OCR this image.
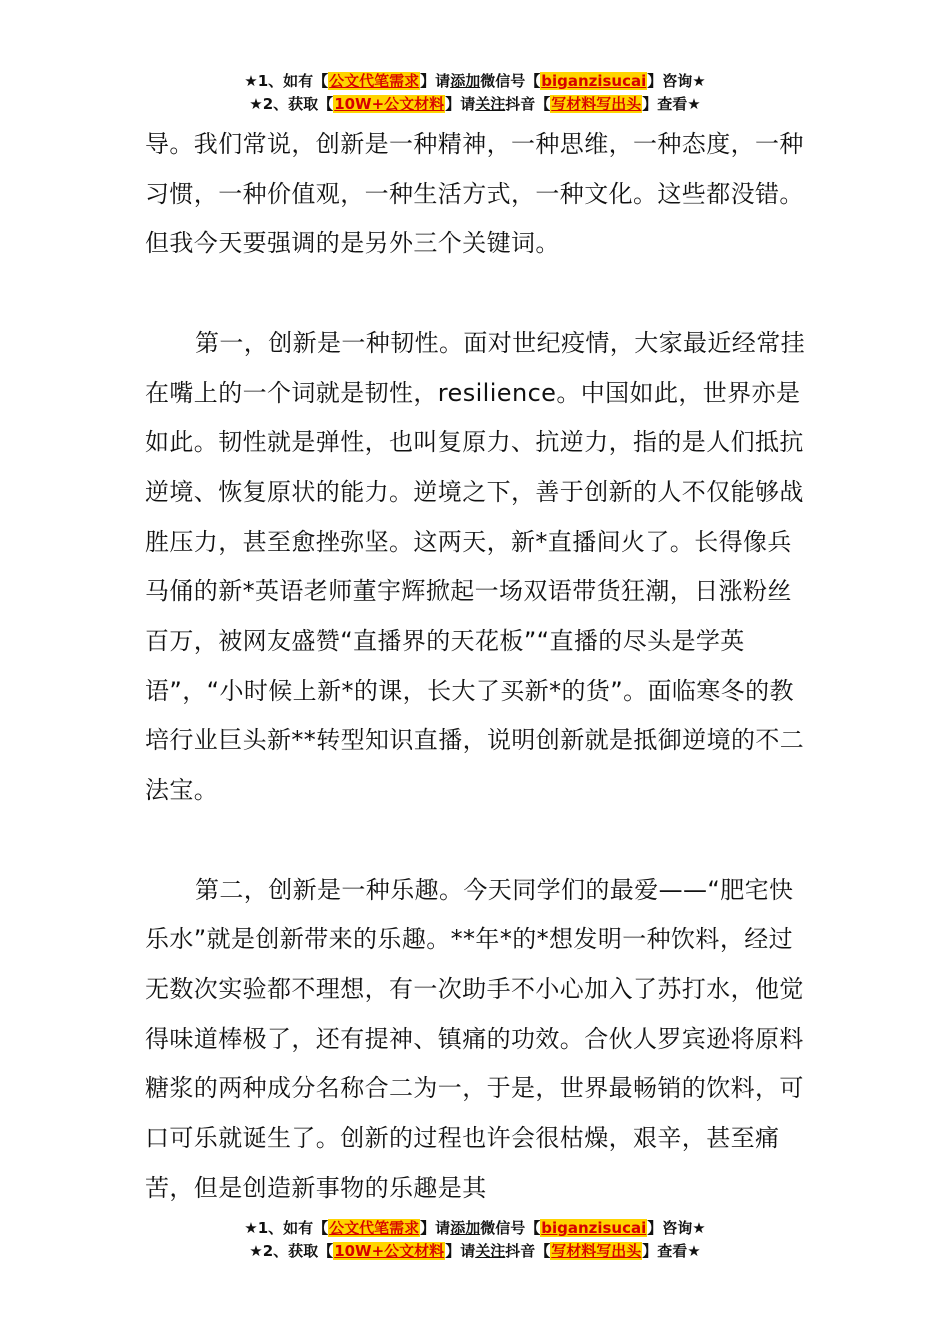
★1、如有【公文代笔需求】请添加微信号【biganzisucai】咨询★
★2、获取【10W+公文材料】请关注抖音【写材料写出头】查看★

导。我们常说，创新是一种精神，一种思维，一种态度，一种习惯，一种价值观，一种生活方式，一种文化。这些都没错。但我今天要强调的是另外三个关键词。

第一，创新是一种韧性。面对世纪疫情，大家最近经常挂在嘴上的一个词就是韧性，resilience。中国如此，世界亦是如此。韧性就是弹性，也叫复原力、抗逆力，指的是人们抵抗逆境、恢复原状的能力。逆境之下，善于创新的人不仅能够战胜压力，甚至愈挫弥坚。这两天，新*直播间火了。长得像兵马俑的新*英语老师董宇辉掀起一场双语带货狂潮，日涨粉丝百万，被网友盛赞“直播界的天花板”“直播的尽头是学英语”，“小时候上新*的课，长大了买新*的货”。面临寒冬的教培行业巨头新**转型知识直播，说明创新就是抵御逆境的不二法宝。

第二，创新是一种乐趣。今天同学们的最爱——“肥宅快乐水”就是创新带来的乐趣。**年*的*想发明一种饮料，经过无数次实验都不理想，有一次助手不小心加入了苏打水，他觉得味道棒极了，还有提神、镇痛的功效。合伙人罗宾逊将原料糖浆的两种成分名称合二为一，于是，世界最畅销的饮料，可口可乐就诞生了。创新的过程也许会很枯燥，艰辛，甚至痛苦，但是创造新事物的乐趣是其

★1、如有【公文代笔需求】请添加微信号【biganzisucai】咨询★
★2、获取【10W+公文材料】请关注抖音【写材料写出头】查看★
